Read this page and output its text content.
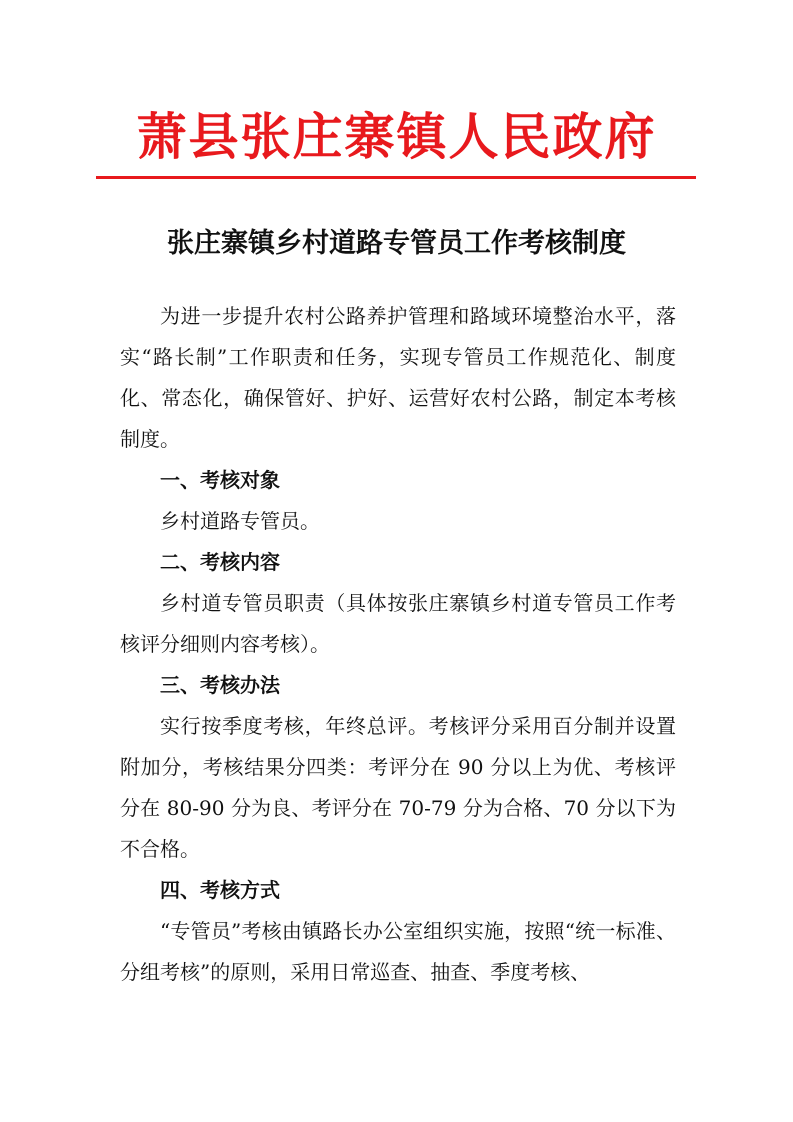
萧县张庄寨镇人民政府
张庄寨镇乡村道路专管员工作考核制度

为进一步提升农村公路养护管理和路域环境整治水平，落实“路长制”工作职责和任务，实现专管员工作规范化、制度化、常态化，确保管好、护好、运营好农村公路，制定本考核制度。

一、考核对象

乡村道路专管员。

二、考核内容

乡村道专管员职责（具体按张庄寨镇乡村道专管员工作考核评分细则内容考核）。

三、考核办法

实行按季度考核，年终总评。考核评分采用百分制并设置附加分，考核结果分四类：考评分在 90 分以上为优、考核评分在 80-90 分为良、考评分在 70-79 分为合格、70 分以下为不合格。

四、考核方式

“专管员”考核由镇路长办公室组织实施，按照“统一标准、分组考核”的原则，采用日常巡查、抽查、季度考核、
